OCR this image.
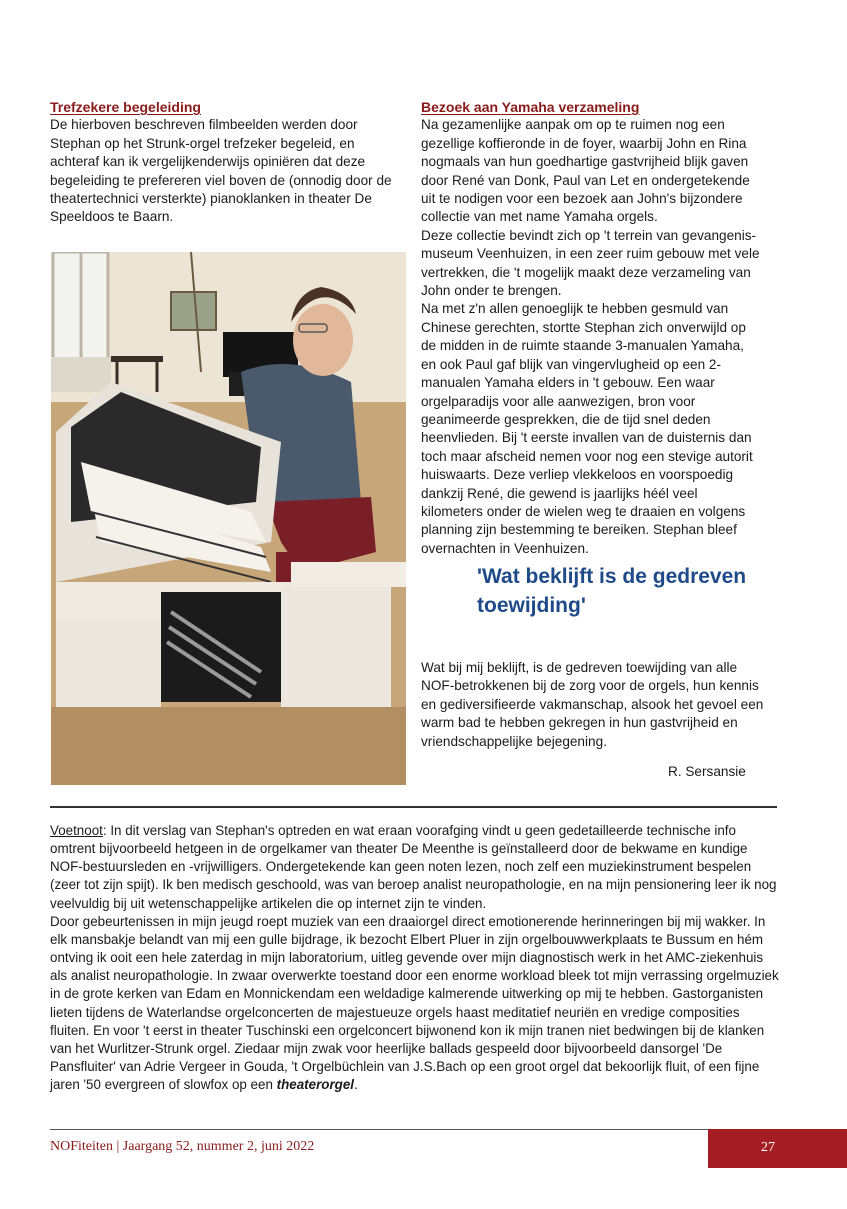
Trefzekere begeleiding

De hierboven beschreven filmbeelden werden door Stephan op het Strunk-orgel trefzeker begeleid, en achteraf kan ik vergelijkenderwijs opiniëren dat deze begeleiding te prefereren viel boven de (onnodig door de theatertechnici versterkte) pianoklanken in theater De Speeldoos te Baarn.

Bezoek aan Yamaha verzameling

Na gezamenlijke aanpak om op te ruimen nog een gezellige koffieronde in de foyer, waarbij John en Rina nogmaals van hun goedhartige gastvrijheid blijk gaven door René van Donk, Paul van Let en ondergetekende uit te nodigen voor een bezoek aan John's bijzondere collectie van met name Yamaha orgels.

Deze collectie bevindt zich op 't terrein van gevangenis-museum Veenhuizen, in een zeer ruim gebouw met vele vertrekken, die 't mogelijk maakt deze verzameling van John onder te brengen.

Na met z'n allen genoeglijk te hebben gesmuld van Chinese gerechten, stortte Stephan zich onverwijld op de midden in de ruimte staande 3-manualen Yamaha, en ook Paul gaf blijk van vingervlugheid op een 2-manualen Yamaha elders in 't gebouw. Een waar orgelparadijs voor alle aanwezigen, bron voor geanimeerde gesprekken, die de tijd snel deden heenvlieden. Bij 't eerste invallen van de duisternis dan toch maar afscheid nemen voor nog een stevige autorit huiswaarts. Deze verliep vlekkeloos en voorspoedig dankzij René, die gewend is jaarlijks héél veel kilometers onder de wielen weg te draaien en volgens planning zijn bestemming te bereiken. Stephan bleef overnachten in Veenhuizen.

'Wat beklijft is de gedreven toewijding'
Wat bij mij beklijft, is de gedreven toewijding van alle NOF-betrokkenen bij de zorg voor de orgels, hun kennis en gediversifieerde vakmanschap, alsook het gevoel een warm bad te hebben gekregen in hun gastvrijheid en vriendschappelijke bejegening.
R. Sersansie

Voetnoot: In dit verslag van Stephan's optreden en wat eraan voorafging vindt u geen gedetailleerde technische info omtrent bijvoorbeeld hetgeen in de orgelkamer van theater De Meenthe is geïnstalleerd door de bekwame en kundige NOF-bestuursleden en -vrijwilligers. Ondergetekende kan geen noten lezen, noch zelf een muziekinstrument bespelen (zeer tot zijn spijt). Ik ben medisch geschoold, was van beroep analist neuropathologie, en na mijn pensionering leer ik nog veelvuldig bij uit wetenschappelijke artikelen die op internet zijn te vinden.

Door gebeurtenissen in mijn jeugd roept muziek van een draaiorgel direct emotionerende herinneringen bij mij wakker. In elk mansbakje belandt van mij een gulle bijdrage, ik bezocht Elbert Pluer in zijn orgelbouwwerkplaats te Bussum en hém ontving ik ooit een hele zaterdag in mijn laboratorium, uitleg gevende over mijn diagnostisch werk in het AMC-ziekenhuis als analist neuropathologie. In zwaar overwerkte toestand door een enorme workload bleek tot mijn verrassing orgelmuziek in de grote kerken van Edam en Monnickendam een weldadige kalmerende uitwerking op mij te hebben. Gastorganisten lieten tijdens de Waterlandse orgelconcerten de majestueuze orgels haast meditatief neuriën en vredige composities fluiten. En voor 't eerst in theater Tuschinski een orgelconcert bijwonend kon ik mijn tranen niet bedwingen bij de klanken van het Wurlitzer-Strunk orgel. Ziedaar mijn zwak voor heerlijke ballads gespeeld door bijvoorbeeld dansorgel 'De Pansfluiter' van Adrie Vergeer in Gouda, 't Orgelbüchlein van J.S.Bach op een groot orgel dat bekoorlijk fluit, of een fijne jaren '50 evergreen of slowfox op een theaterorgel.

NOFiteiten | Jaargang 52, nummer 2, juni 2022	27
